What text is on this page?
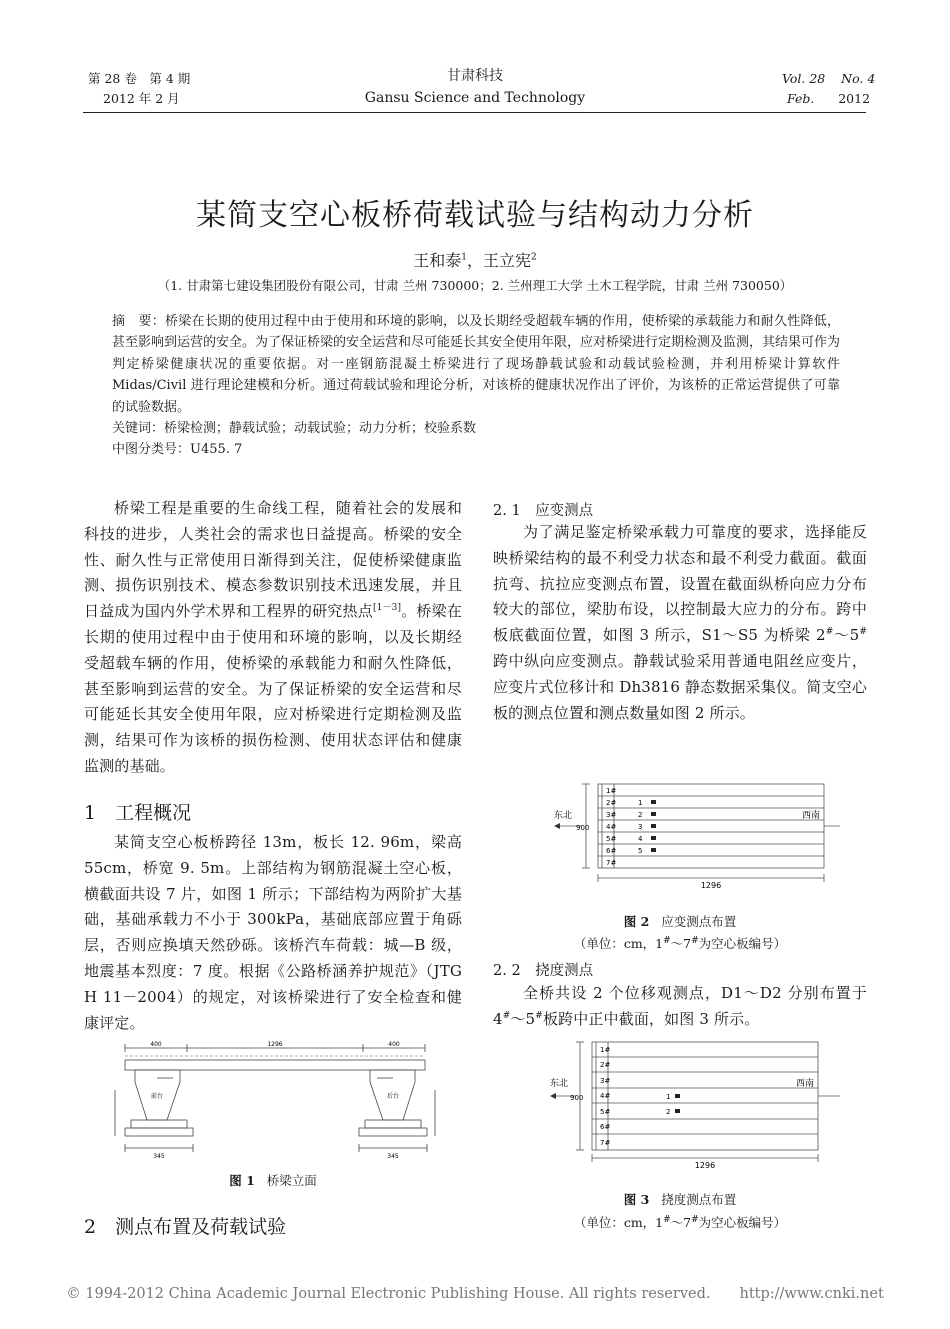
第 28 卷　第 4 期
2012 年 2 月
甘肃科技
Gansu Science and Technology
Vol. 28 No. 4
Feb. 2012
某简支空心板桥荷载试验与结构动力分析
王和泰$^1$，王立宪$^2$
（1. 甘肃第七建设集团股份有限公司，甘肃 兰州 730000；2. 兰州理工大学 土木工程学院，甘肃 兰州 730050）
摘　要：桥梁在长期的使用过程中由于使用和环境的影响，以及长期经受超载车辆的作用，使桥梁的承载能力和耐久性降低，甚至影响到运营的安全。为了保证桥梁的安全运营和尽可能延长其安全使用年限，应对桥梁进行定期检测及监测，其结果可作为判定桥梁健康状况的重要依据。对一座钢筋混凝土桥梁进行了现场静载试验和动载试验检测，并利用桥梁计算软件 Midas/Civil 进行理论建模和分析。通过荷载试验和理论分析，对该桥的健康状况作出了评价，为该桥的正常运营提供了可靠的试验数据。
关键词：桥梁检测；静载试验；动载试验；动力分析；校验系数
中图分类号：U455. 7

桥梁工程是重要的生命线工程，随着社会的发展和科技的进步，人类社会的需求也日益提高。桥梁的安全性、耐久性与正常使用日渐得到关注，促使桥梁健康监测、损伤识别技术、模态参数识别技术迅速发展，并且日益成为国内外学术界和工程界的研究热点[1－3]。桥梁在长期的使用过程中由于使用和环境的影响，以及长期经受超载车辆的作用，使桥梁的承载能力和耐久性降低，甚至影响到运营的安全。为了保证桥梁的安全运营和尽可能延长其安全使用年限，应对桥梁进行定期检测及监测，结果可作为该桥的损伤检测、使用状态评估和健康监测的基础。

1　工程概况

某简支空心板桥跨径 13m，板长 12. 96m，梁高 55cm，桥宽 9. 5m。上部结构为钢筋混凝土空心板，横截面共设 7 片，如图 1 所示；下部结构为两阶扩大基础，基础承载力不小于 300kPa，基础底部应置于角砾层，否则应换填天然砂砾。该桥汽车荷载：城—B 级，地震基本烈度：7 度。根据《公路桥涵养护规范》（JTG H 11－2004）的规定，对该桥梁进行了安全检查和健康评定。

400	1296	400
前台	后台
345	345
图 1 桥梁立面
2　测点布置及荷载试验
2. 1　应变测点

为了满足鉴定桥梁承载力可靠度的要求，选择能反映桥梁结构的最不利受力状态和最不利受力截面。截面抗弯、抗拉应变测点布置，设置在截面纵桥向应力分布较大的部位，梁肋布设，以控制最大应力的分布。跨中板底截面位置，如图 3 所示，S1～S5 为桥梁 2#～5#跨中纵向应变测点。静载试验采用普通电阻丝应变片，应变片式位移计和 Dh3816 静态数据采集仪。简支空心板的测点位置和测点数量如图 2 所示。

1#
2#
3#
4#
5#
6#
7#
1
2
3
4
5
东北	西南
900
1296
图 2 应变测点布置
（单位：cm，1#～7#为空心板编号）
2. 2　挠度测点

全桥共设 2 个位移观测点，D1～D2 分别布置于 4#～5#板跨中正中截面，如图 3 所示。

1#
2#
3#
4#
5#
6#
7#
1
2
东北	西南
900
1296
图 3 挠度测点布置
（单位：cm，1#～7#为空心板编号）
© 1994-2012 China Academic Journal Electronic Publishing House. All rights reserved.　　http://www.cnki.net
